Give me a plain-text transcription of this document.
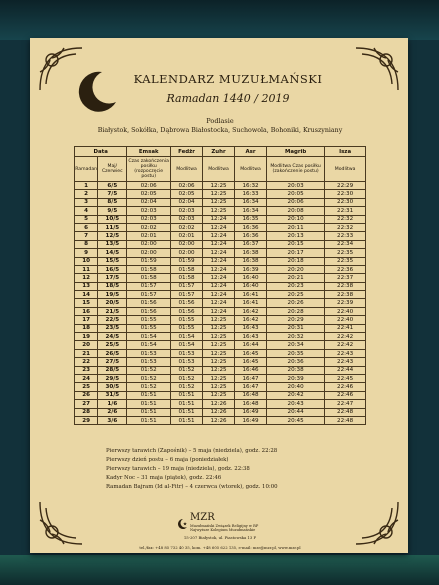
KALENDARZ MUZUŁMAŃSKI
Ramadan 1440 / 2019
Podlasie
Białystok, Sokółka, Dąbrowa Białostocka, Suchowola, Bohoniki, Kruszyniany
Data		Emsak	Fedżr	Zuhr	Asr	Magrib	Isza
Ramadan	Maj/ Czerwiec	Czas zakończenia posiłku (rozpoczęcie postu)	Modlitwa	Modlitwa	Modlitwa	Modlitwa Czas posiłku (zakończenie postu)	Modlitwa
1	6/5	02:06	02:06	12:25	16:32	20:03	22:29
2	7/5	02:05	02:05	12:25	16:33	20:05	22:30
3	8/5	02:04	02:04	12:25	16:34	20:06	22:30
4	9/5	02:03	02:03	12:25	16:34	20:08	22:31
5	10/5	02:03	02:03	12:24	16:35	20:10	22:32
6	11/5	02:02	02:02	12:24	16:36	20:11	22:32
7	12/5	02:01	02:01	12:24	16:36	20:13	22:33
8	13/5	02:00	02:00	12:24	16:37	20:15	22:34
9	14/5	02:00	02:00	12:24	16:38	20:17	22:35
10	15/5	01:59	01:59	12:24	16:38	20:18	22:35
11	16/5	01:58	01:58	12:24	16:39	20:20	22:36
12	17/5	01:58	01:58	12:24	16:40	20:21	22:37
13	18/5	01:57	01:57	12:24	16:40	20:23	22:38
14	19/5	01:57	01:57	12:24	16:41	20:25	22:38
15	20/5	01:56	01:56	12:24	16:41	20:26	22:39
16	21/5	01:56	01:56	12:24	16:42	20:28	22:40
17	22/5	01:55	01:55	12:25	16:42	20:29	22:40
18	23/5	01:55	01:55	12:25	16:43	20:31	22:41
19	24/5	01:54	01:54	12:25	16:43	20:32	22:42
20	25/5	01:54	01:54	12:25	16:44	20:34	22:42
21	26/5	01:53	01:53	12:25	16:45	20:35	22:43
22	27/5	01:53	01:53	12:25	16:45	20:36	22:43
23	28/5	01:52	01:52	12:25	16:46	20:38	22:44
24	29/5	01:52	01:52	12:25	16:47	20:39	22:45
25	30/5	01:52	01:52	12:25	16:47	20:40	22:46
26	31/5	01:51	01:51	12:25	16:48	20:42	22:46
27	1/6	01:51	01:51	12:26	16:48	20:43	22:47
28	2/6	01:51	01:51	12:26	16:49	20:44	22:48
29	3/6	01:51	01:51	12:26	16:49	20:45	22:48
Pierwszy tarawich (Zapośnik) – 5 maja (niedziela), godz. 22:28
Pierwszy dzień postu – 6 maja (poniedziałek)
Pierwszy tarawich – 19 maja (niedziela), godz. 22:38
Kadyr Noc – 31 maja (piątek), godz. 22:46
Ramadan Bajram (Id al-Fitr) – 4 czerwca (wtorek), godz. 10:00
MZR
Muzułmański Związek Religijny w RP Najwyższe Kolegium Muzułmańskie
15-207 Białystok, ul. Piastowska 13 F
tel./fax: +48 85 732 40 35, kom. +48 605 622 135, e-mail: mzr@mzr.pl, www.mzr.pl
